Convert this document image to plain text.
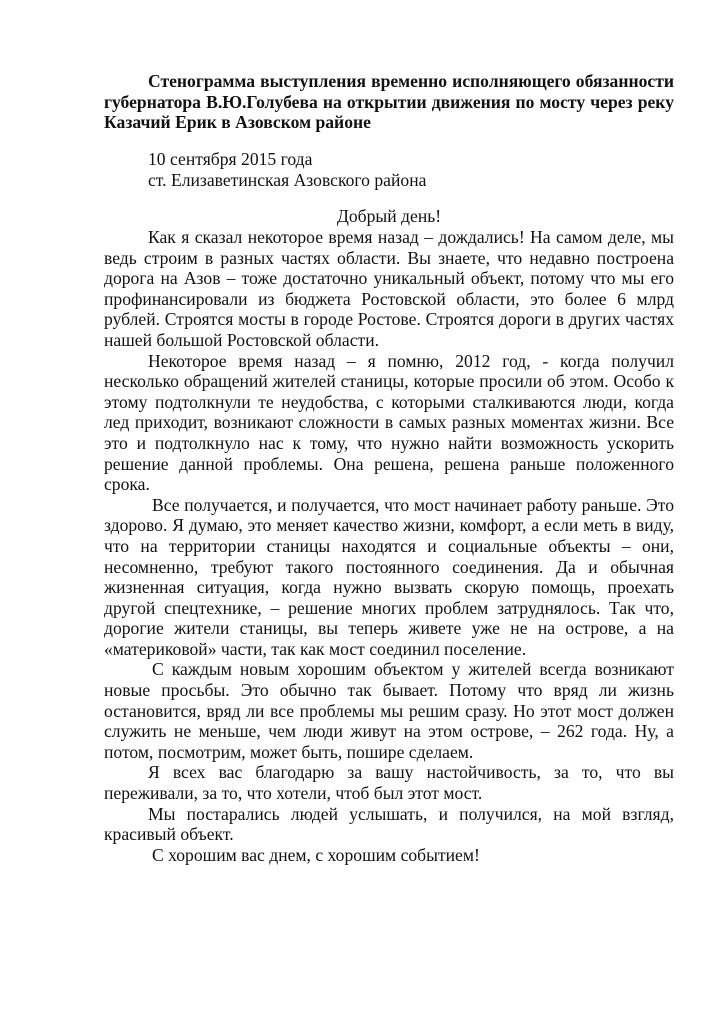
Стенограмма выступления временно исполняющего обязанности губернатора В.Ю.Голубева на открытии движения по мосту через реку Казачий Ерик в Азовском районе
10 сентября 2015 года
ст. Елизаветинская Азовского района

Добрый день!

Как я сказал некоторое время назад – дождались! На самом деле, мы ведь строим в разных частях области. Вы знаете, что недавно построена дорога на Азов – тоже достаточно уникальный объект, потому что мы его профинансировали из бюджета Ростовской области, это более 6 млрд рублей. Строятся мосты в городе Ростове. Строятся дороги в других частях нашей большой Ростовской области.

Некоторое время назад – я помню, 2012 год, - когда получил несколько обращений жителей станицы, которые просили об этом. Особо к этому подтолкнули те неудобства, с которыми сталкиваются люди, когда лед приходит, возникают сложности в самых разных моментах жизни. Все это и подтолкнуло нас к тому, что нужно найти возможность ускорить решение данной проблемы. Она решена, решена раньше положенного срока.

Все получается, и получается, что мост начинает работу раньше. Это здорово. Я думаю, это меняет качество жизни, комфорт, а если меть в виду, что на территории станицы находятся и социальные объекты – они, несомненно, требуют такого постоянного соединения. Да и обычная жизненная ситуация, когда нужно вызвать скорую помощь, проехать другой спецтехнике, – решение многих проблем затруднялось. Так что, дорогие жители станицы, вы теперь живете уже не на острове, а на «материковой» части, так как мост соединил поселение.

С каждым новым хорошим объектом у жителей всегда возникают новые просьбы. Это обычно так бывает. Потому что вряд ли жизнь остановится, вряд ли все проблемы мы решим сразу. Но этот мост должен служить не меньше, чем люди живут на этом острове, – 262 года. Ну, а потом, посмотрим, может быть, пошире сделаем.

Я всех вас благодарю за вашу настойчивость, за то, что вы переживали, за то, что хотели, чтоб был этот мост.

Мы постарались людей услышать, и получился, на мой взгляд, красивый объект.

С хорошим вас днем, с хорошим событием!
